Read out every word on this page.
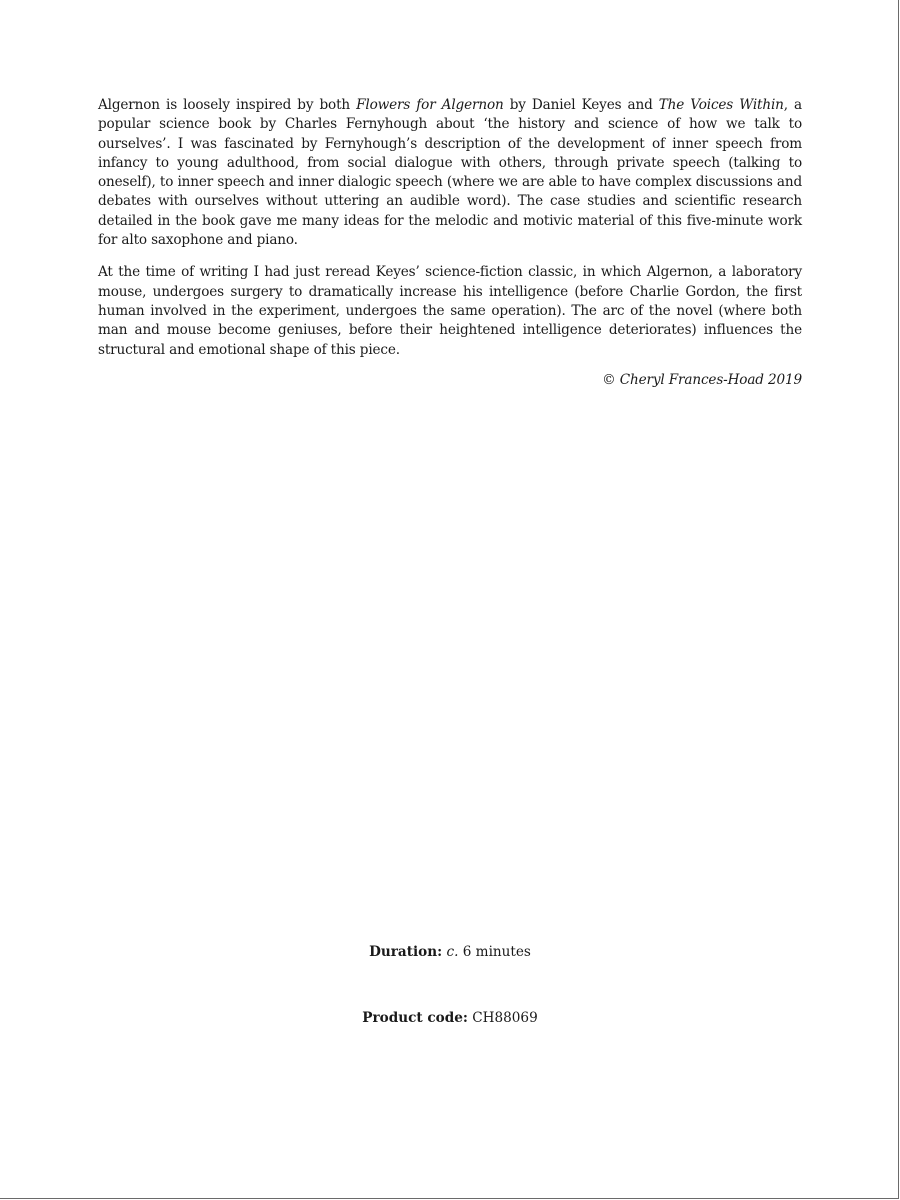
Algernon is loosely inspired by both Flowers for Algernon by Daniel Keyes and The Voices Within, a popular science book by Charles Fernyhough about ‘the history and science of how we talk to ourselves’. I was fascinated by Fernyhough’s description of the development of inner speech from infancy to young adulthood, from social dialogue with others, through private speech (talking to oneself), to inner speech and inner dialogic speech (where we are able to have complex discussions and debates with ourselves without uttering an audible word). The case studies and scientific research detailed in the book gave me many ideas for the melodic and motivic material of this five-minute work for alto saxophone and piano.

At the time of writing I had just reread Keyes’ science-fiction classic, in which Algernon, a laboratory mouse, undergoes surgery to dramatically increase his intelligence (before Charlie Gordon, the first human involved in the experiment, undergoes the same operation). The arc of the novel (where both man and mouse become geniuses, before their heightened intelligence deteriorates) influences the structural and emotional shape of this piece.

© Cheryl Frances-Hoad 2019
Duration: c. 6 minutes
Product code: CH88069
